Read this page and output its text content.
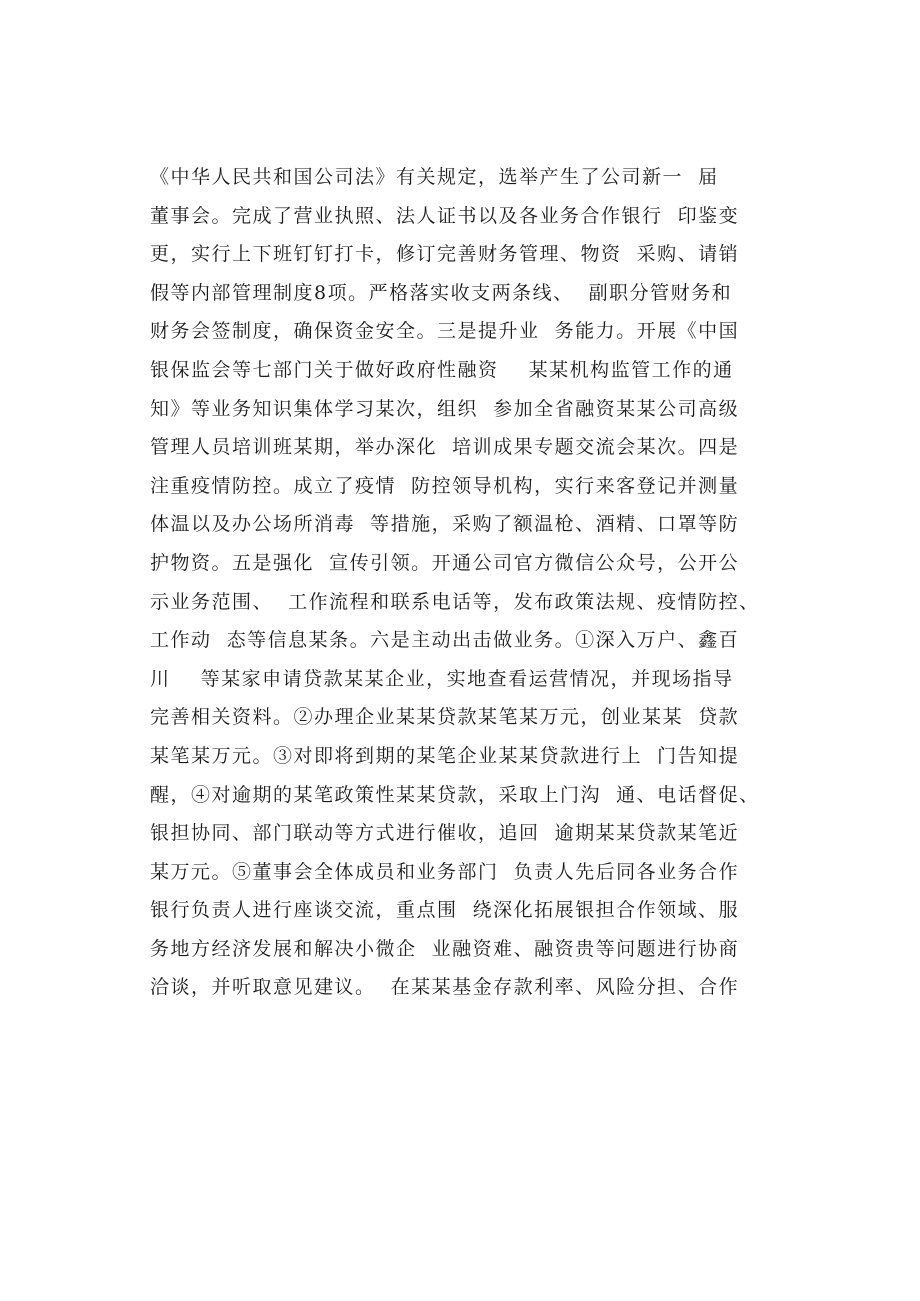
《中华人民共和国公司法》有关规定，选举产生了公司新一  届
董事会。完成了营业执照、法人证书以及各业务合作银行  印鉴变
更，实行上下班钉钉打卡，修订完善财务管理、物资  采购、请销
假等内部管理制度8项。严格落实收支两条线、  副职分管财务和
财务会签制度，确保资金安全。三是提升业  务能力。开展《中国
银保监会等七部门关于做好政府性融资    某某机构监管工作的通
知》等业务知识集体学习某次，组织  参加全省融资某某公司高级
管理人员培训班某期，举办深化  培训成果专题交流会某次。四是
注重疫情防控。成立了疫情  防控领导机构，实行来客登记并测量
体温以及办公场所消毒  等措施，采购了额温枪、酒精、口罩等防
护物资。五是强化  宣传引领。开通公司官方微信公众号，公开公
示业务范围、  工作流程和联系电话等，发布政策法规、疫情防控、
工作动  态等信息某条。六是主动出击做业务。①深入万户、鑫百
川    等某家申请贷款某某企业，实地查看运营情况，并现场指导
完善相关资料。②办理企业某某贷款某笔某万元，创业某某  贷款
某笔某万元。③对即将到期的某笔企业某某贷款进行上  门告知提
醒，④对逾期的某笔政策性某某贷款，采取上门沟  通、电话督促、
银担协同、部门联动等方式进行催收，追回  逾期某某贷款某笔近
某万元。⑤董事会全体成员和业务部门  负责人先后同各业务合作
银行负责人进行座谈交流，重点围  绕深化拓展银担合作领域、服
务地方经济发展和解决小微企  业融资难、融资贵等问题进行协商
洽谈，并听取意见建议。  在某某基金存款利率、风险分担、合作
